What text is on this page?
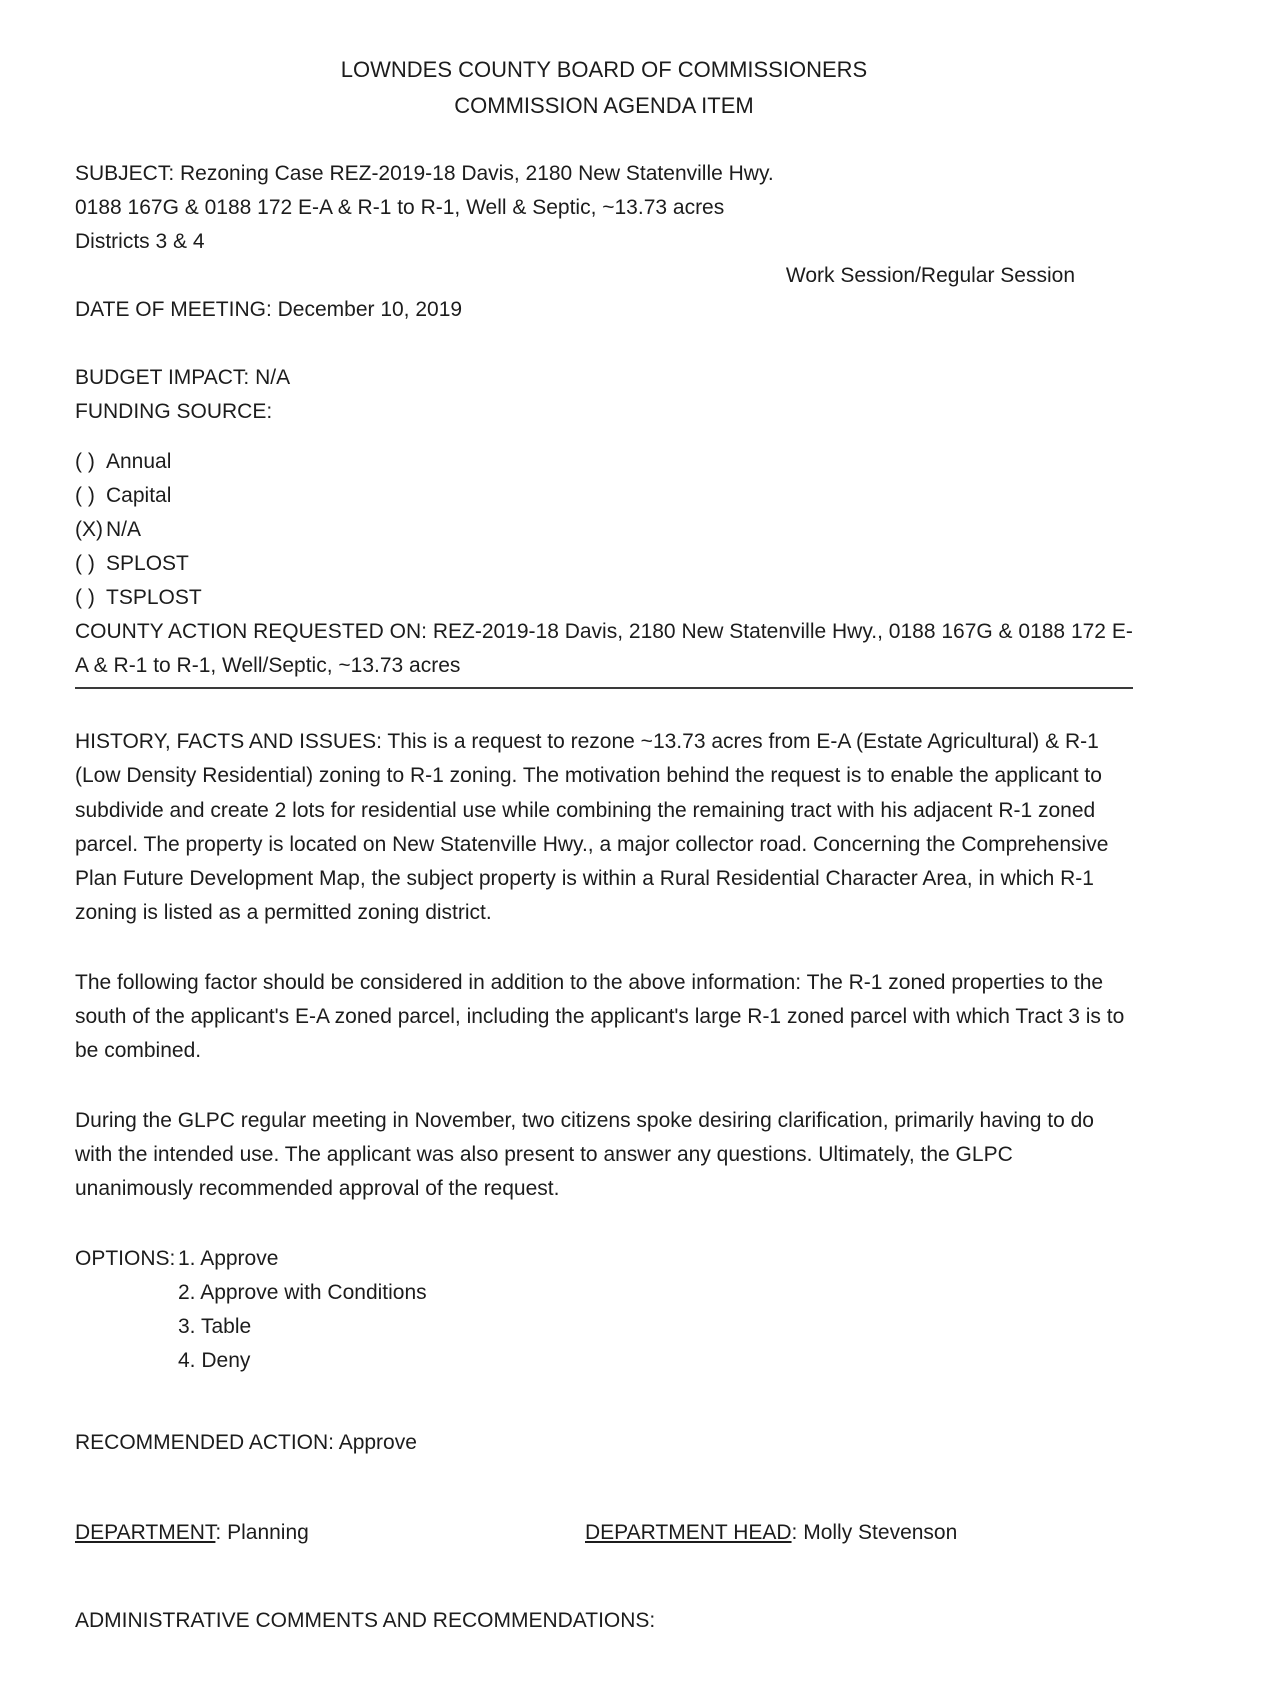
LOWNDES COUNTY BOARD OF COMMISSIONERS
COMMISSION AGENDA ITEM
SUBJECT: Rezoning Case REZ-2019-18 Davis, 2180 New Statenville Hwy.
0188 167G & 0188 172 E-A & R-1 to R-1, Well & Septic, ~13.73 acres
Districts 3 & 4
Work Session/Regular Session
DATE OF MEETING: December 10, 2019
BUDGET IMPACT: N/A
FUNDING SOURCE:
( ) Annual
( ) Capital
(X) N/A
( ) SPLOST
( ) TSPLOST

COUNTY ACTION REQUESTED ON: REZ-2019-18 Davis, 2180 New Statenville Hwy., 0188 167G & 0188 172 E-A & R-1 to R-1, Well/Septic, ~13.73 acres

HISTORY, FACTS AND ISSUES: This is a request to rezone ~13.73 acres from E-A (Estate Agricultural) & R-1 (Low Density Residential) zoning to R-1 zoning. The motivation behind the request is to enable the applicant to subdivide and create 2 lots for residential use while combining the remaining tract with his adjacent R-1 zoned parcel. The property is located on New Statenville Hwy., a major collector road. Concerning the Comprehensive Plan Future Development Map, the subject property is within a Rural Residential Character Area, in which R-1 zoning is listed as a permitted zoning district.

The following factor should be considered in addition to the above information: The R-1 zoned properties to the south of the applicant's E-A zoned parcel, including the applicant's large R-1 zoned parcel with which Tract 3 is to be combined.

During the GLPC regular meeting in November, two citizens spoke desiring clarification, primarily having to do with the intended use. The applicant was also present to answer any questions. Ultimately, the GLPC unanimously recommended approval of the request.

OPTIONS: 1. Approve
2. Approve with Conditions
3. Table
4. Deny
RECOMMENDED ACTION: Approve
DEPARTMENT: Planning	DEPARTMENT HEAD: Molly Stevenson
ADMINISTRATIVE COMMENTS AND RECOMMENDATIONS:
